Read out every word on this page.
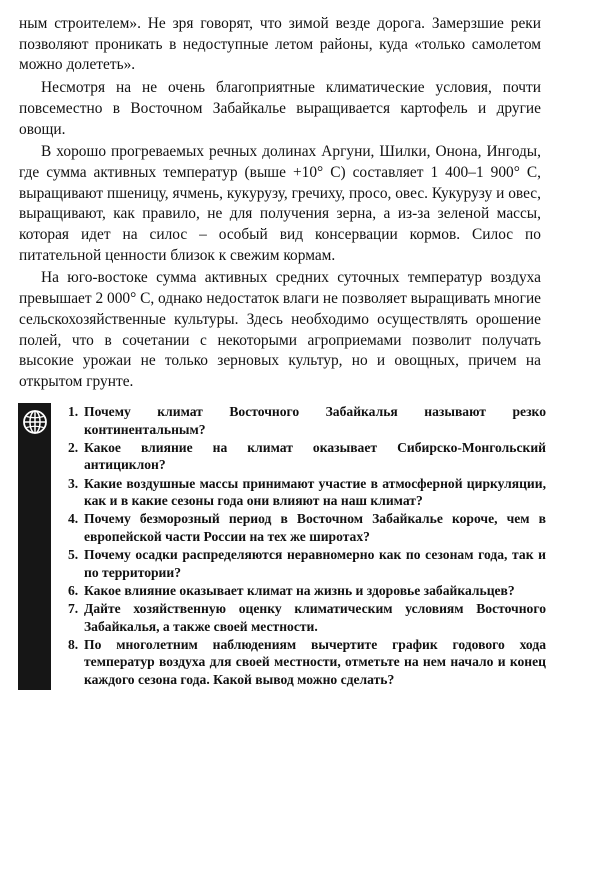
ным строителем». Не зря говорят, что зимой везде дорога. Замерзшие реки позволяют проникать в недоступные летом районы, куда «только самолетом можно долететь».

Несмотря на не очень благоприятные климатические условия, почти повсеместно в Восточном Забайкалье выращивается картофель и другие овощи.

В хорошо прогреваемых речных долинах Аргуни, Шилки, Онона, Ингоды, где сумма активных температур (выше +10° С) составляет 1 400–1 900° С, выращивают пшеницу, ячмень, кукурузу, гречиху, просо, овес. Кукурузу и овес, выращивают, как правило, не для получения зерна, а из-за зеленой массы, которая идет на силос – особый вид консервации кормов. Силос по питательной ценности близок к свежим кормам.

На юго-востоке сумма активных средних суточных температур воздуха превышает 2 000° С, однако недостаток влаги не позволяет выращивать многие сельскохозяйственные культуры. Здесь необходимо осуществлять орошение полей, что в сочетании с некоторыми агроприемами позволит получать высокие урожаи не только зерновых культур, но и овощных, причем на открытом грунте.

1. Почему климат Восточного Забайкалья называют резко континентальным?
2. Какое влияние на климат оказывает Сибирско-Монгольский антициклон?
3. Какие воздушные массы принимают участие в атмосферной циркуляции, как и в какие сезоны года они влияют на наш климат?
4. Почему безморозный период в Восточном Забайкалье короче, чем в европейской части России на тех же широтах?
5. Почему осадки распределяются неравномерно как по сезонам года, так и по территории?
6. Какое влияние оказывает климат на жизнь и здоровье забайкальцев?
7. Дайте хозяйственную оценку климатическим условиям Восточного Забайкалья, а также своей местности.
8. По многолетним наблюдениям вычертите график годового хода температур воздуха для своей местности, отметьте на нем начало и конец каждого сезона года. Какой вывод можно сделать?
